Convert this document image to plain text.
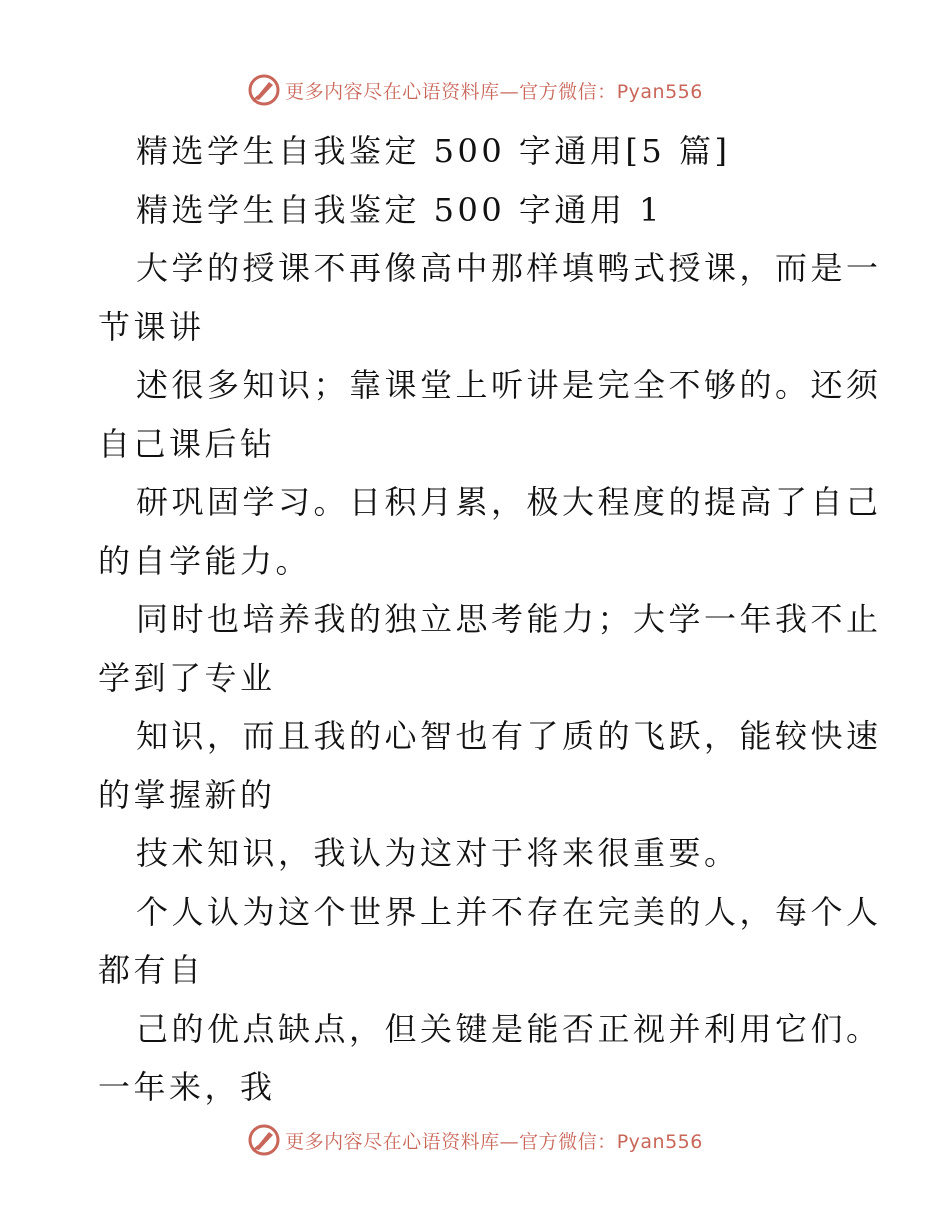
更多内容尽在心语资料库—官方微信：Pyan556
精选学生自我鉴定 500 字通用[5 篇]
精选学生自我鉴定 500 字通用 1
大学的授课不再像高中那样填鸭式授课，而是一
节课讲
述很多知识；靠课堂上听讲是完全不够的。还须
自己课后钻
研巩固学习。日积月累，极大程度的提高了自己
的自学能力。
同时也培养我的独立思考能力；大学一年我不止
学到了专业
知识，而且我的心智也有了质的飞跃，能较快速
的掌握新的
技术知识，我认为这对于将来很重要。
个人认为这个世界上并不存在完美的人，每个人
都有自
己的优点缺点，但关键是能否正视并利用它们。
一年来，我
更多内容尽在心语资料库—官方微信：Pyan556
